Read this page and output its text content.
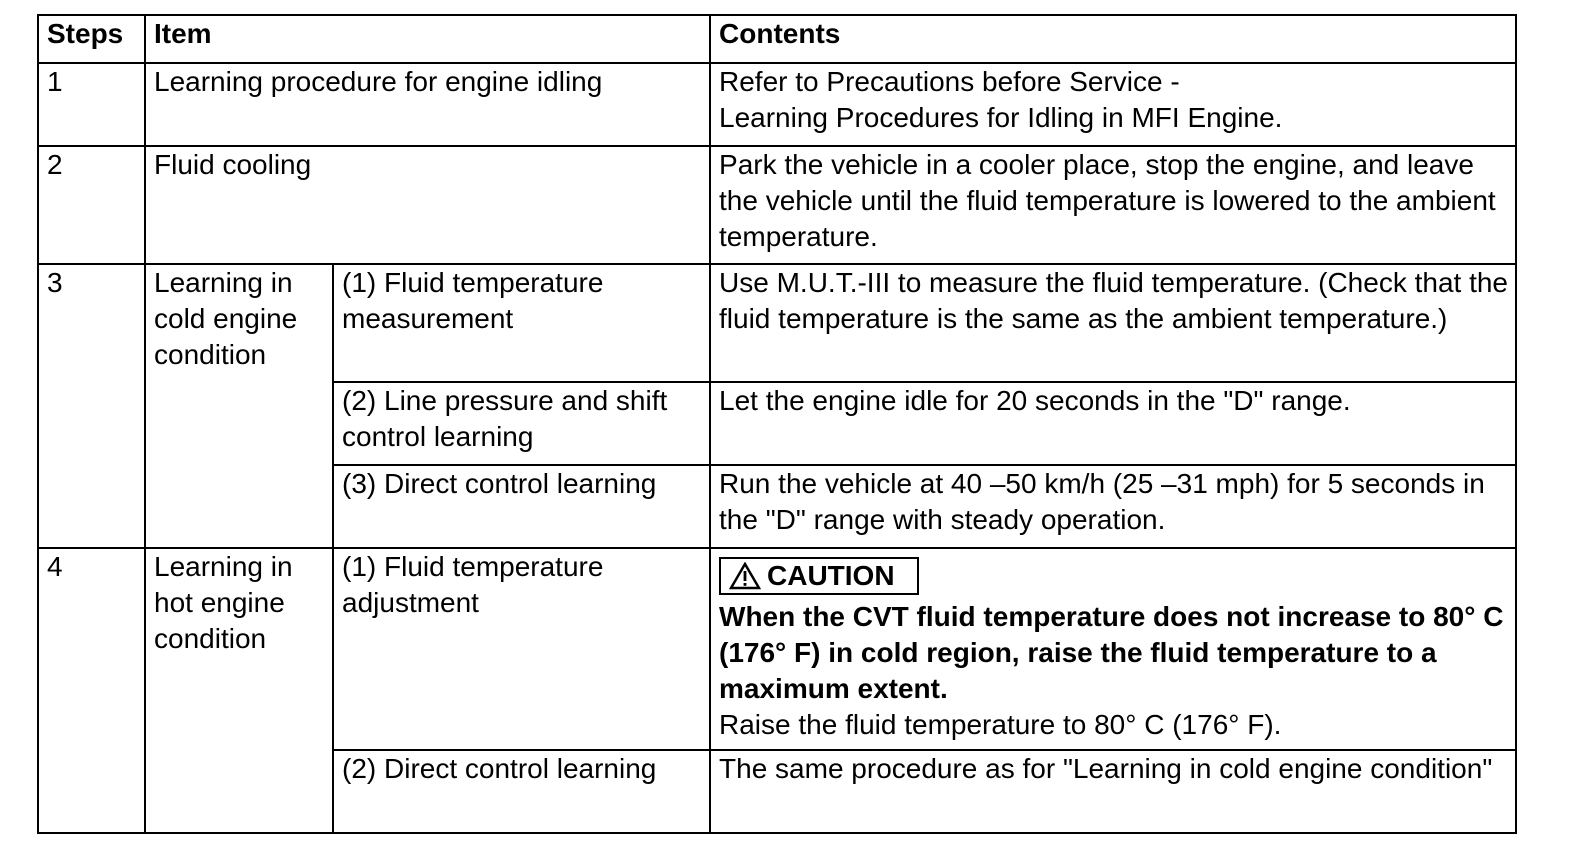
Steps	Item		Contents
1	Learning procedure for engine idling		Refer to Precautions before Service -
Learning Procedures for Idling in MFI Engine.
2	Fluid cooling		Park the vehicle in a cooler place, stop the engine, and leave the vehicle until the fluid temperature is lowered to the ambient temperature.
3	Learning in cold engine condition	(1) Fluid temperature measurement	Use M.U.T.-III to measure the fluid temperature. (Check that the fluid temperature is the same as the ambient temperature.)
		(2) Line pressure and shift control learning	Let the engine idle for 20 seconds in the "D" range.
		(3) Direct control learning	Run the vehicle at 40 –50 km/h (25 –31 mph) for 5 seconds in the "D" range with steady operation.
4	Learning in hot engine condition	(1) Fluid temperature adjustment	CAUTION
When the CVT fluid temperature does not increase to 80° C (176° F) in cold region, raise the fluid temperature to a maximum extent.
Raise the fluid temperature to 80° C (176° F).

		(2) Direct control learning	The same procedure as for "Learning in cold engine condition"
